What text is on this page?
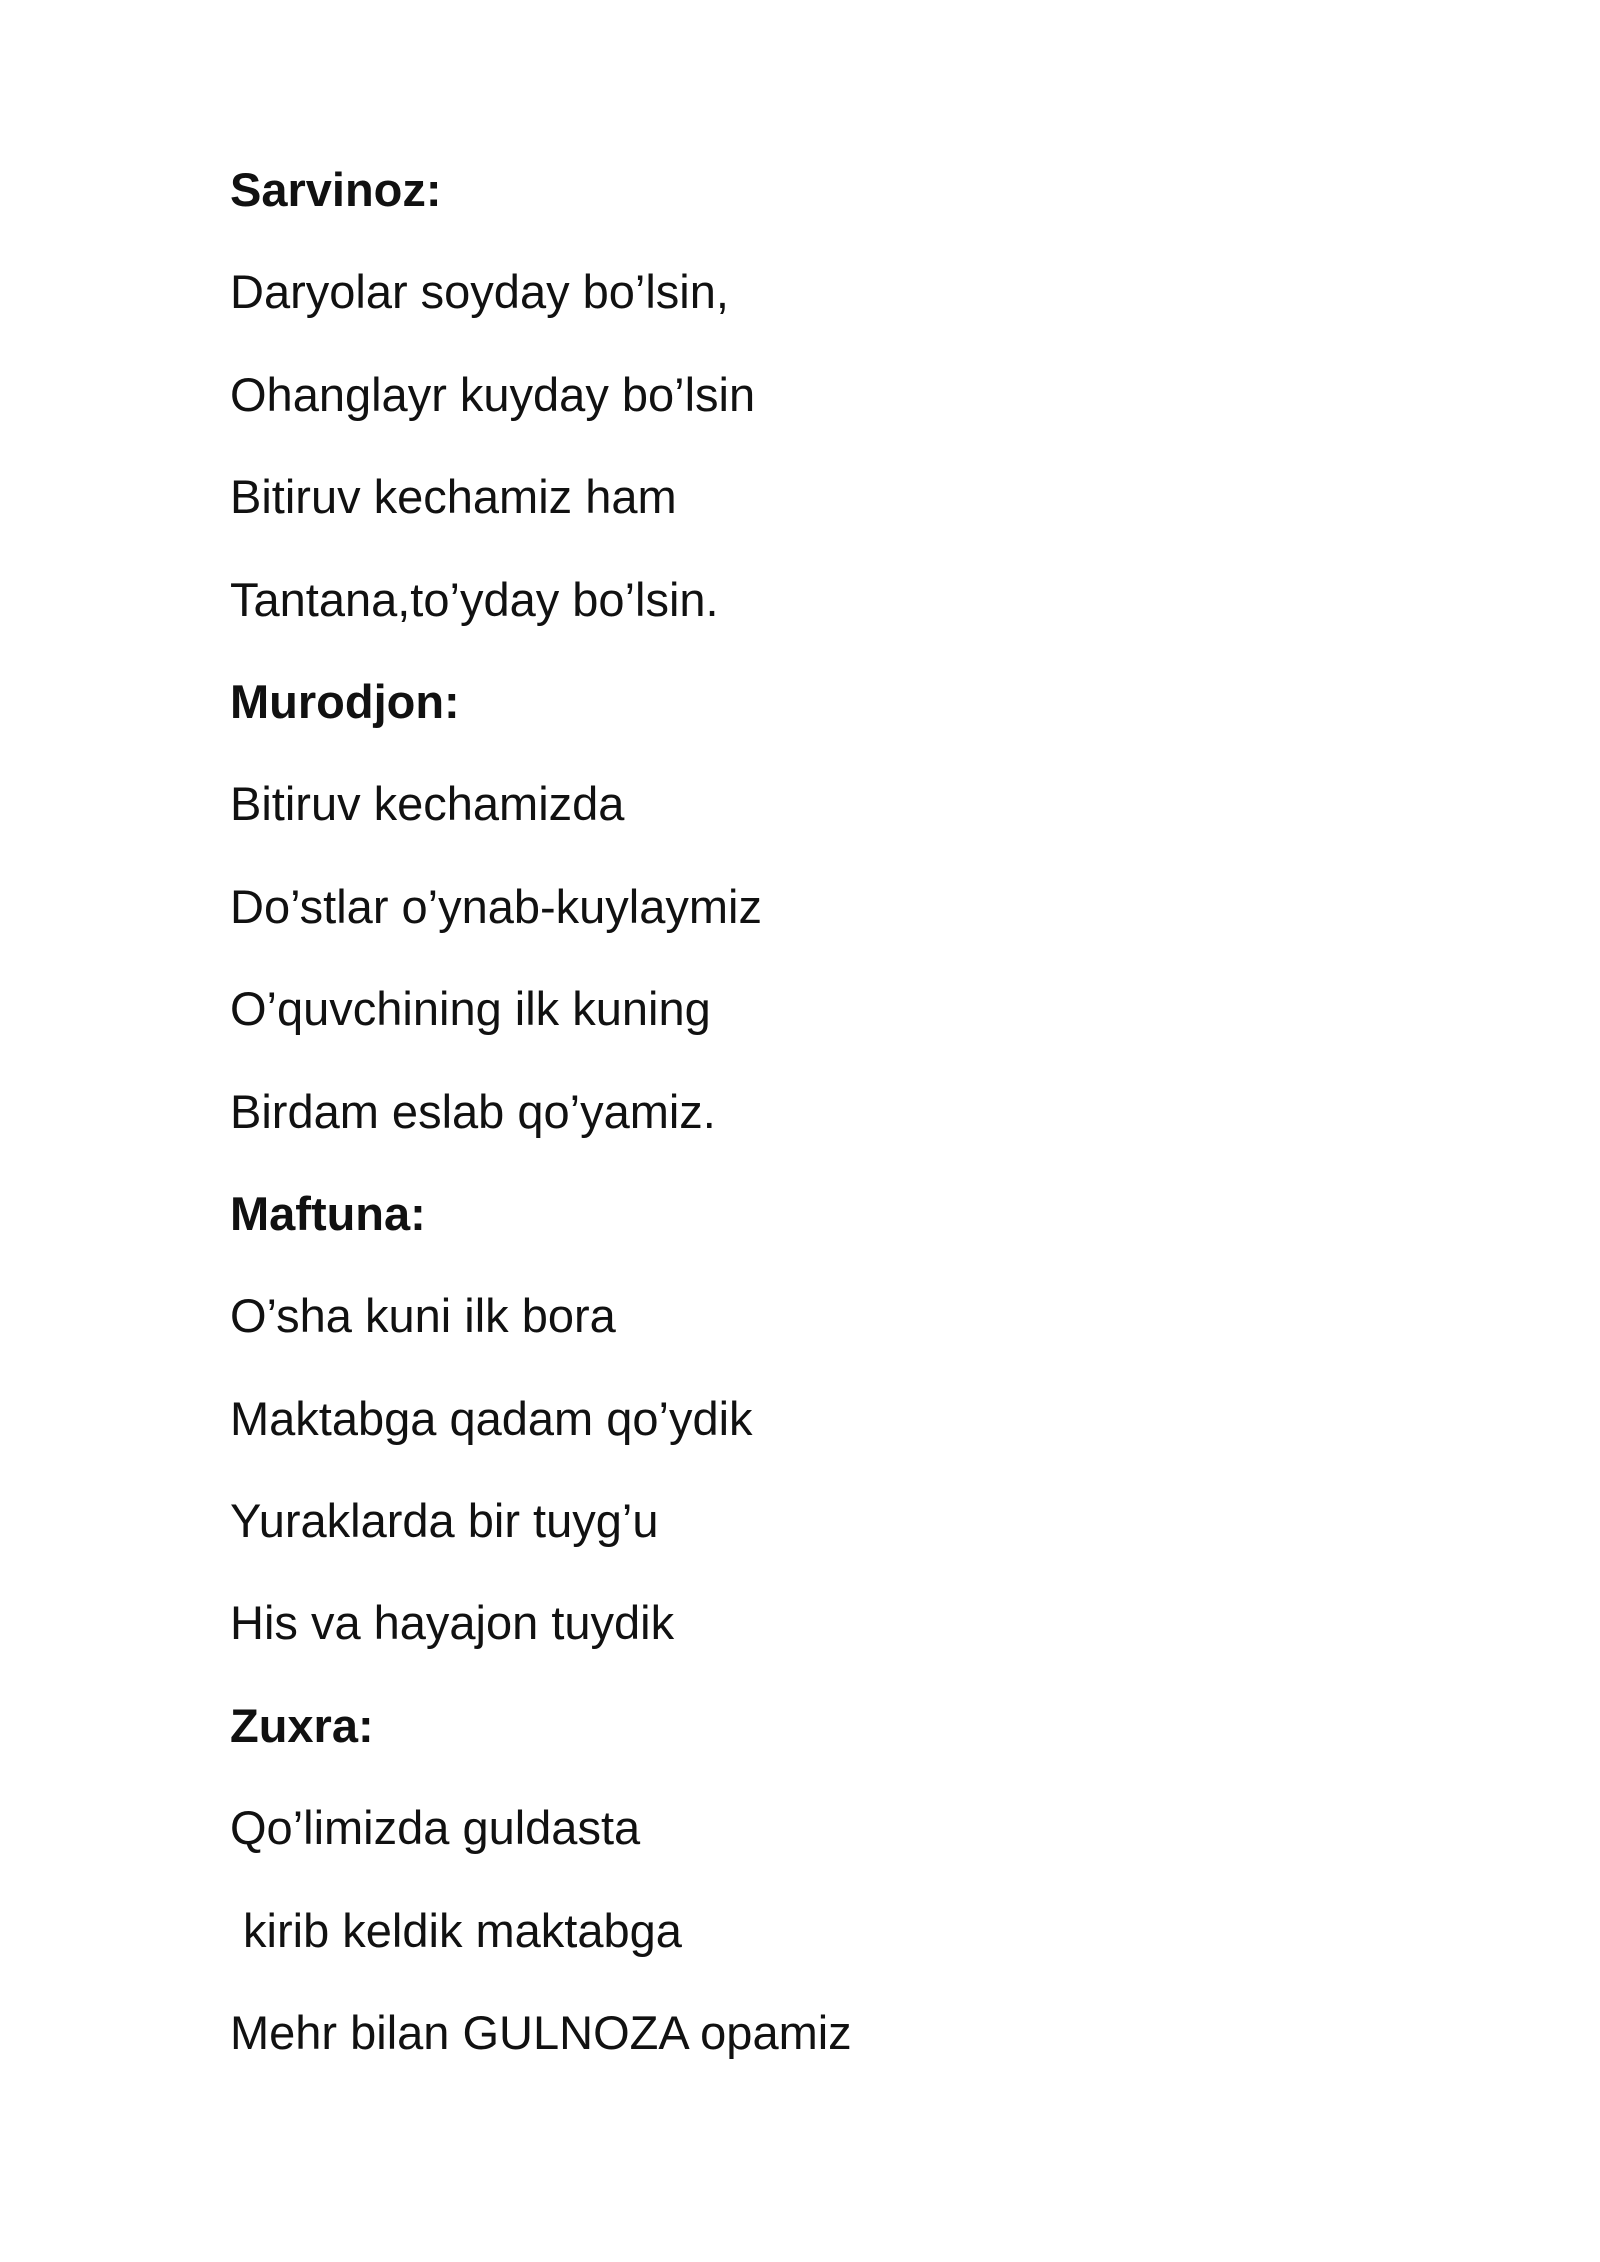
Sarvinoz:
Daryolar soyday bo’lsin,
Ohanglayr kuyday bo’lsin
Bitiruv kechamiz ham
Tantana,to’yday bo’lsin.
Murodjon:
Bitiruv kechamizda
Do’stlar o’ynab-kuylaymiz
O’quvchining ilk kuning
Birdam eslab qo’yamiz.
Maftuna:
O’sha kuni ilk bora
Maktabga qadam qo’ydik
Yuraklarda bir tuyg’u
His va hayajon tuydik
Zuxra:
Qo’limizda guldasta
kirib keldik maktabga
Mehr bilan GULNOZA opamiz
